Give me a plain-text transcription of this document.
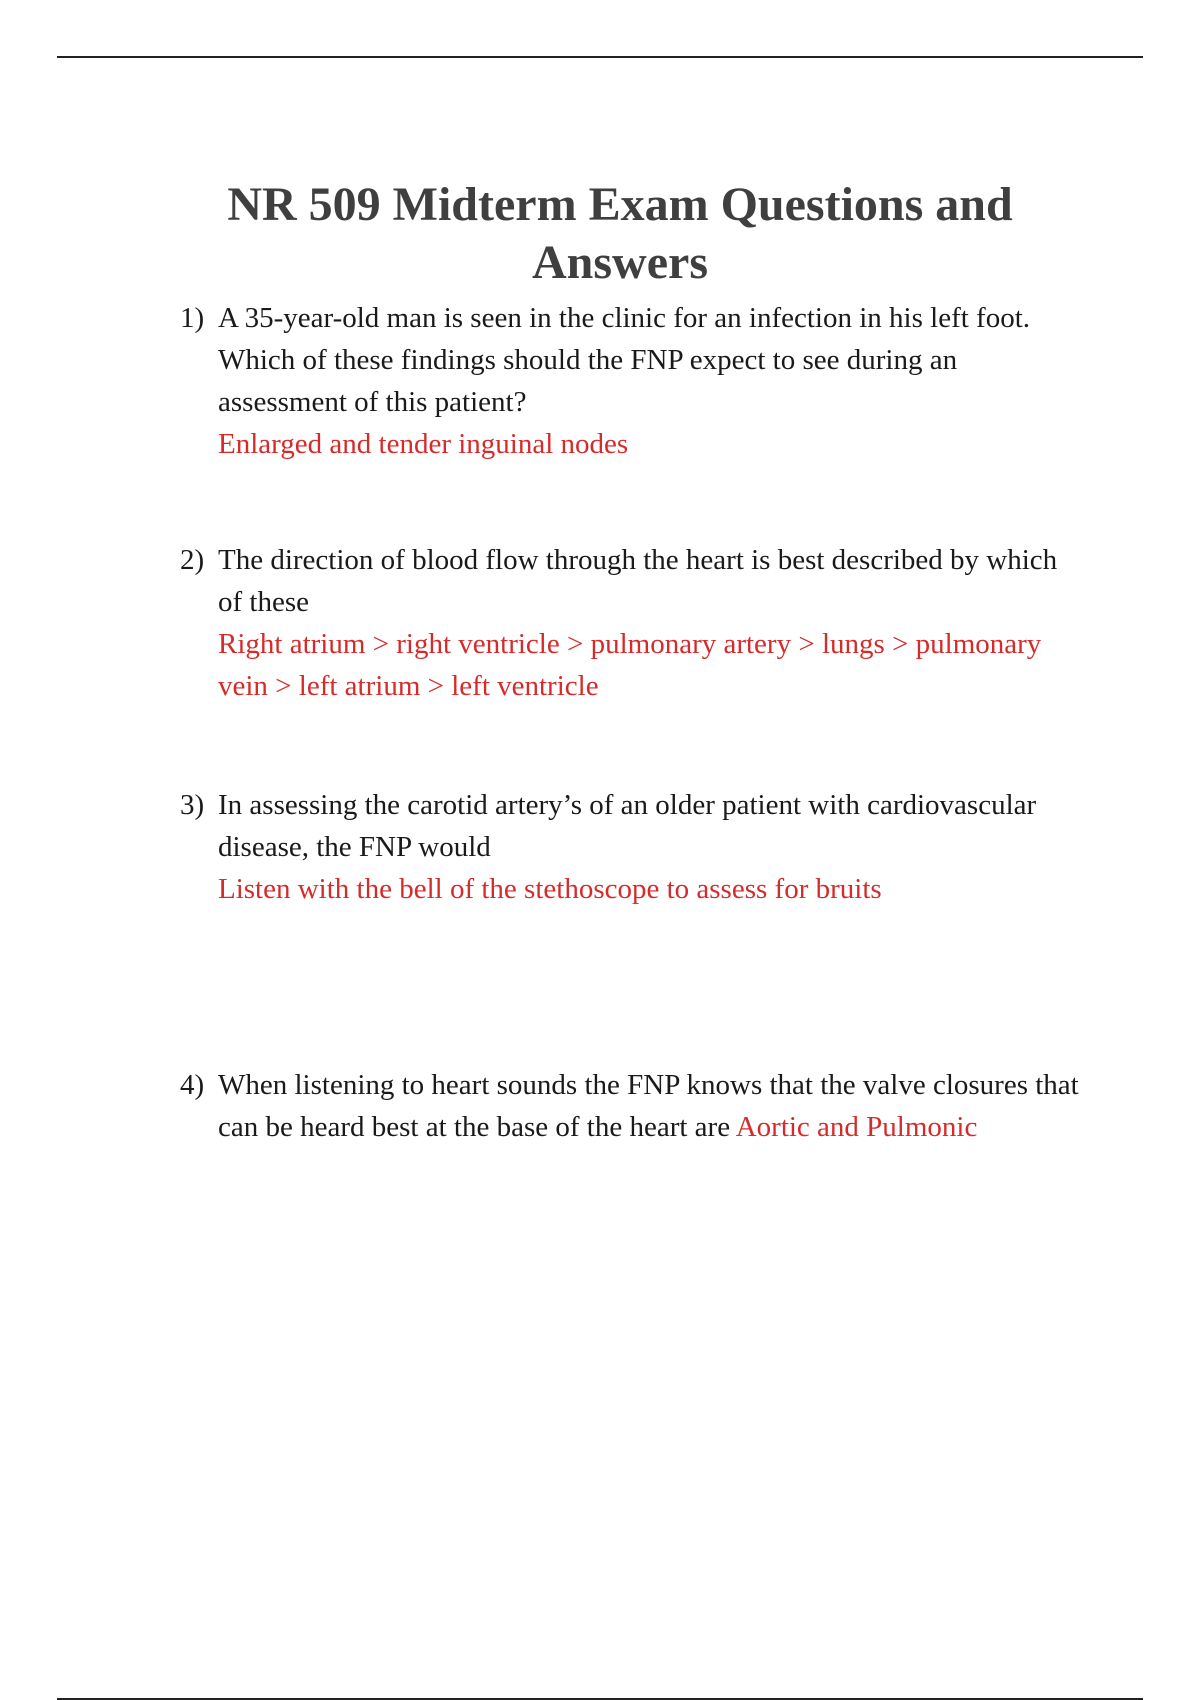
NR 509 Midterm Exam Questions and
Answers
1) A 35-year-old man is seen in the clinic for an infection in his left foot. Which of these findings should the FNP expect to see during an assessment of this patient?
Enlarged and tender inguinal nodes
2) The direction of blood flow through the heart is best described by which of these
Right atrium > right ventricle > pulmonary artery > lungs > pulmonary vein > left atrium > left ventricle
3) In assessing the carotid artery’s of an older patient with cardiovascular disease, the FNP would
Listen with the bell of the stethoscope to assess for bruits
4) When listening to heart sounds the FNP knows that the valve closures that can be heard best at the base of the heart are Aortic and Pulmonic
